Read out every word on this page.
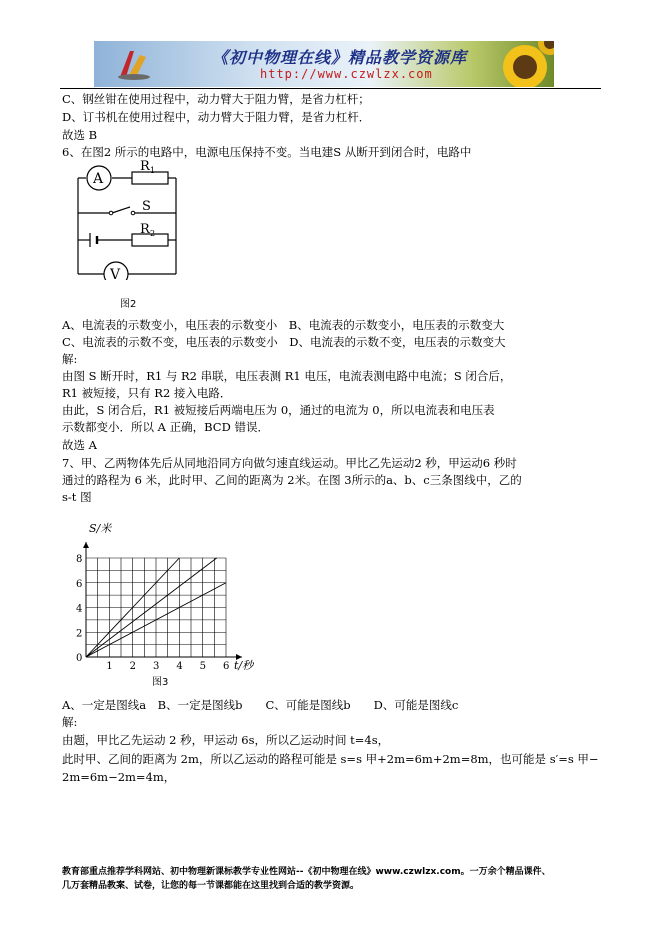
《初中物理在线》精品教学资源库
http://www.czwlzx.com
C、钢丝钳在使用过程中，动力臂大于阻力臂，是省力杠杆；
D、订书机在使用过程中，动力臂大于阻力臂，是省力杠杆．
故选 B
6、在图2 所示的电路中，电源电压保持不变。当电建S 从断开到闭合时，电路中
A
V
S
R 1
R 2
图2
A、电流表的示数变小，电压表的示数变小　B、电流表的示数变小，电压表的示数变大
C、电流表的示数不变，电压表的示数变小　D、电流表的示数不变，电压表的示数变大
解:
由图 S 断开时，R1 与 R2 串联，电压表测 R1 电压，电流表测电路中电流；S 闭合后，
R1 被短接，只有 R2 接入电路．
由此，S 闭合后，R1 被短接后两端电压为 0，通过的电流为 0，所以电流表和电压表
示数都变小．所以 A 正确，BCD 错误．
故选 A
7、甲、乙两物体先后从同地沿同方向做匀速直线运动。甲比乙先运动2 秒，甲运动6 秒时
通过的路程为 6 米，此时甲、乙间的距离为 2米。在图 3所示的a、b、c三条图线中，乙的
s-t 图
1 2 3 4 5 6
2
4
6
8
0
S/米
t/秒
图3
A、一定是图线a　B、一定是图线b　　C、可能是图线b　　D、可能是图线c
解:
由题，甲比乙先运动 2 秒，甲运动 6s，所以乙运动时间 t=4s，
此时甲、乙间的距离为 2m，所以乙运动的路程可能是 s=s 甲+2m=6m+2m=8m，也可能是 s′=s 甲−
2m=6m−2m=4m，
教育部重点推荐学科网站、初中物理新课标教学专业性网站--《初中物理在线》www.czwlzx.com。一万余个精品课件、
几万套精品教案、试卷，让您的每一节课都能在这里找到合适的教学资源。
